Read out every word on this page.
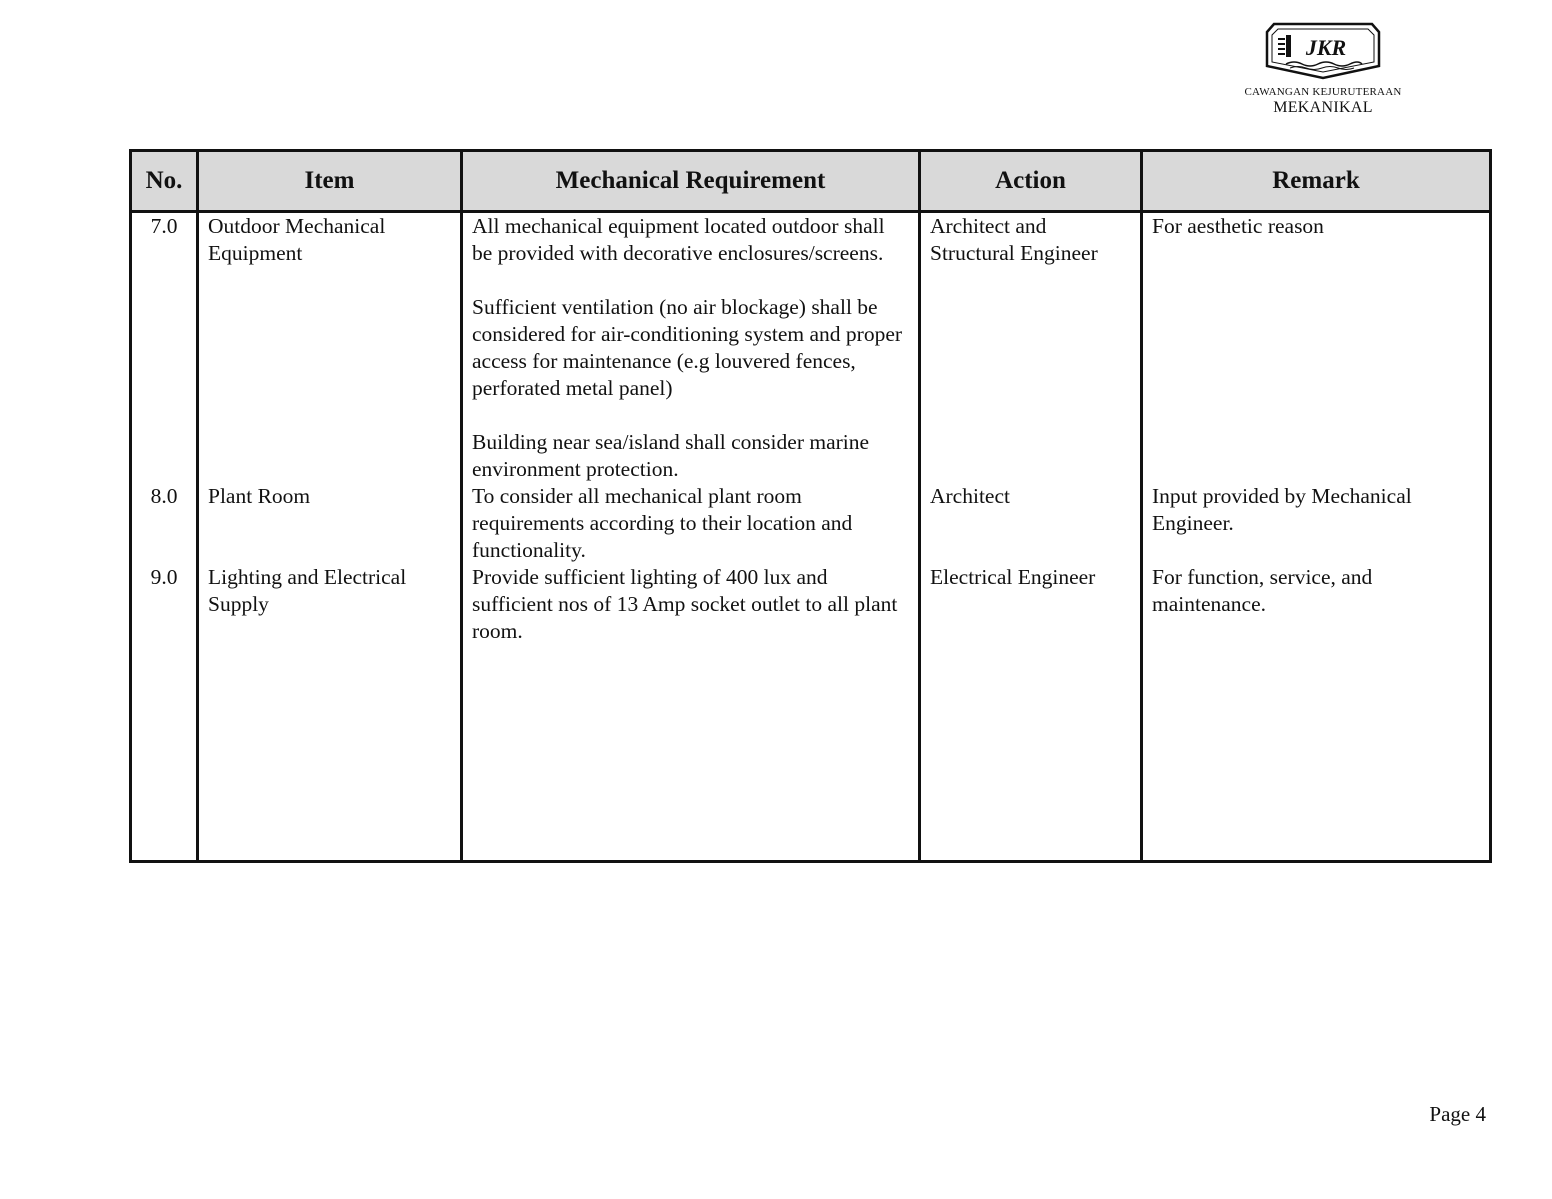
JKR
CAWANGAN KEJURUTERAAN
MEKANIKAL
No.	Item	Mechanical Requirement	Action	Remark
7.0	Outdoor Mechanical Equipment	All mechanical equipment located outdoor shall be provided with decorative enclosures/screens.

Sufficient ventilation (no air blockage) shall be considered for air-conditioning system and proper access for maintenance (e.g louvered fences, perforated metal panel)

Building near sea/island shall consider marine environment protection.	Architect and Structural Engineer	For aesthetic reason
8.0	Plant Room	To consider all mechanical plant room requirements according to their location and functionality.	Architect	Input provided by Mechanical Engineer.
9.0	Lighting and Electrical Supply	Provide sufficient lighting of 400 lux and sufficient nos of 13 Amp socket outlet to all plant room.	Electrical Engineer	For function, service, and maintenance.
Page 4
